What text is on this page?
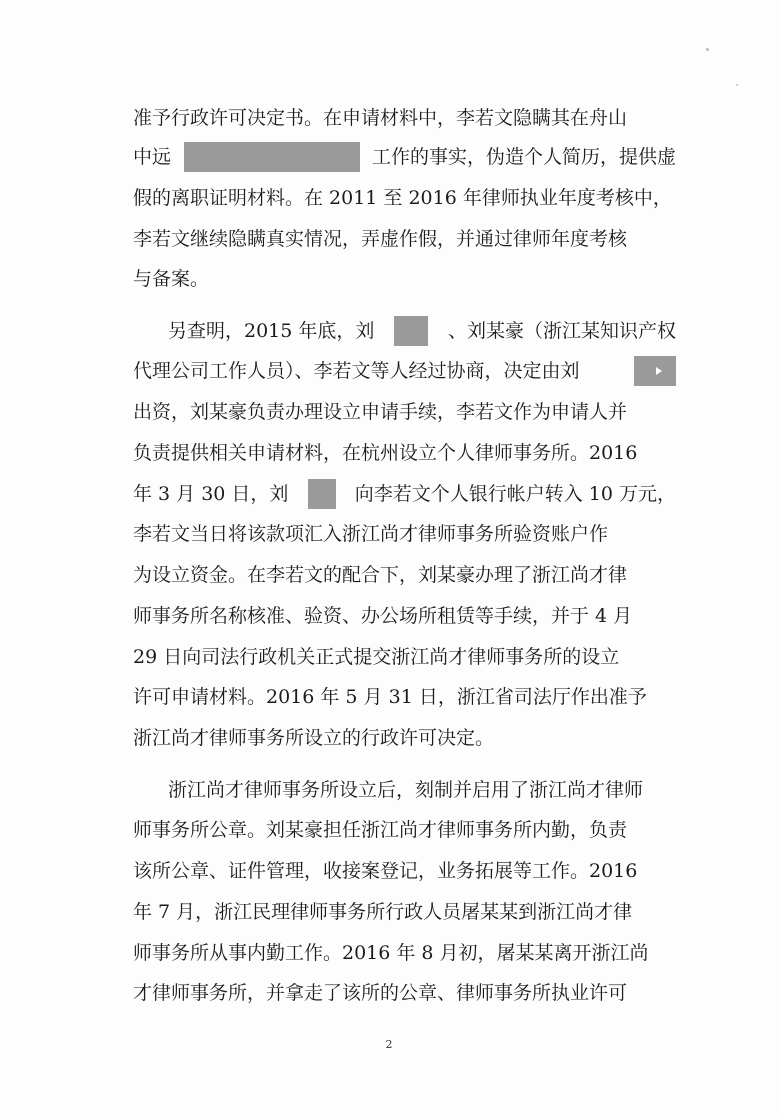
准予行政许可决定书。在申请材料中，李若文隐瞒其在舟山
中远	工作的事实，伪造个人简历，提供虚
假的离职证明材料。在 2011 至 2016 年律师执业年度考核中，
李若文继续隐瞒真实情况，弄虚作假，并通过律师年度考核
与备案。
另查明，2015 年底，刘	、刘某豪（浙江某知识产权
代理公司工作人员）、李若文等人经过协商，决定由刘
出资，刘某豪负责办理设立申请手续，李若文作为申请人并
负责提供相关申请材料，在杭州设立个人律师事务所。2016
年 3 月 30 日，刘	向李若文个人银行帐户转入 10 万元，
李若文当日将该款项汇入浙江尚才律师事务所验资账户作
为设立资金。在李若文的配合下，刘某豪办理了浙江尚才律
师事务所名称核准、验资、办公场所租赁等手续，并于 4 月
29 日向司法行政机关正式提交浙江尚才律师事务所的设立
许可申请材料。2016 年 5 月 31 日，浙江省司法厅作出准予
浙江尚才律师事务所设立的行政许可决定。
浙江尚才律师事务所设立后，刻制并启用了浙江尚才律师
师事务所公章。刘某豪担任浙江尚才律师事务所内勤，负责
该所公章、证件管理，收接案登记，业务拓展等工作。2016
年 7 月，浙江民理律师事务所行政人员屠某某到浙江尚才律
师事务所从事内勤工作。2016 年 8 月初，屠某某离开浙江尚
才律师事务所，并拿走了该所的公章、律师事务所执业许可
2
